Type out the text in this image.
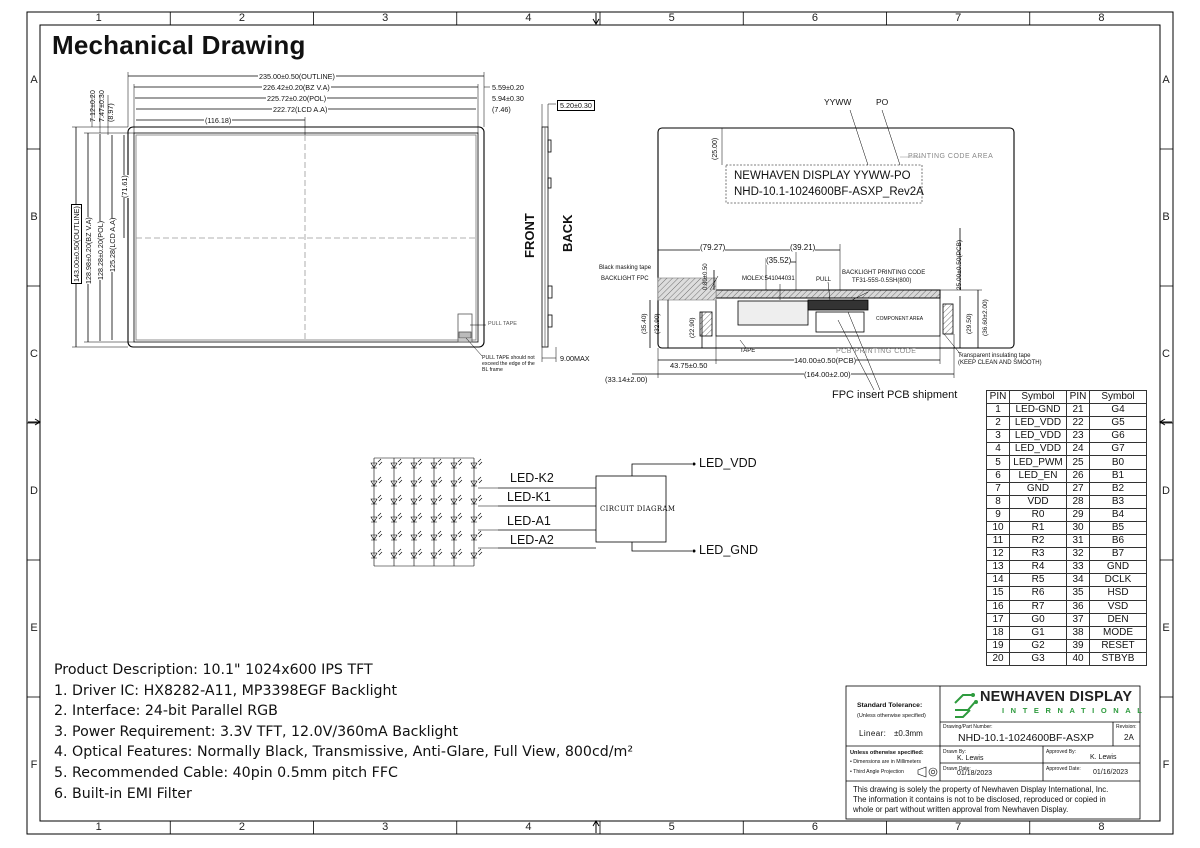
1
1
2
2
3
3
4
4
5
5
6
6
7
7
8
8
A	A
B	B
C	C
D	D
E	E
F	F
Mechanical Drawing
235.00±0.50(OUTLINE)
226.42±0.20(BZ V.A)
225.72±0.20(POL)
222.72(LCD A.A)
(116.18)
5.59±0.20
5.94±0.30
(7.46)
7.12±0.20 7.47±0.30 (8.97)
143.00±0.50(OUTLINE) 128.98±0.20(BZ V.A) 128.28±0.20(POL) 125.28(LCD A.A)
(71.61)
PULL TAPE
PULL TAPE should not
exceed the edge of the
BL frame
5.20±0.30
9.00MAX
FRONT BACK
YYWW	PO
PRINTING CODE AREA
NEWHAVEN DISPLAY YYWW-PO
NHD-10.1-1024600BF-ASXP_Rev2A
(25.00)
(79.27)	(39.21)
(35.52)
Black masking tape
BACKLIGHT FPC	0.80±0.50	MOLEX:541044031	PULL
BACKLIGHT PRINTING CODE
TF31-55S-0.5SH(800)	25.00±0.50(PCB)
(36.60±2.00)
(29.50)
(35.40) (32.90)	(22.90)	COMPONENT AREA
TAPE	PCB PRINTING CODE
Transparent insulating tape
(KEEP CLEAN AND SMOOTH)
43.75±0.50
140.00±0.50(PCB)
(33.14±2.00)
(164.00±2.00)
FPC insert PCB shipment
LED-K2
LED-K1
LED-A1
LED-A2
CIRCUIT DIAGRAM
LED_VDD
LED_GND
PIN	Symbol	PIN	Symbol
1	LED-GND	21	G4
2	LED_VDD	22	G5
3	LED_VDD	23	G6
4	LED_VDD	24	G7
5	LED_PWM	25	B0
6	LED_EN	26	B1
7	GND	27	B2
8	VDD	28	B3
9	R0	29	B4
10	R1	30	B5
11	R2	31	B6
12	R3	32	B7
13	R4	33	GND
14	R5	34	DCLK
15	R6	35	HSD
16	R7	36	VSD
17	G0	37	DEN
18	G1	38	MODE
19	G2	39	RESET
20	G3	40	STBYB
Product Description: 10.1" 1024x600 IPS TFT
1. Driver IC: HX8282-A11, MP3398EGF Backlight
2. Interface: 24-bit Parallel RGB
3. Power Requirement: 3.3V TFT, 12.0V/360mA Backlight
4. Optical Features: Normally Black, Transmissive, Anti-Glare, Full View, 800cd/m²
5. Recommended Cable: 40pin 0.5mm pitch FFC
6. Built-in EMI Filter
Standard Tolerance:
(Unless otherwise specified)
Linear: ±0.3mm
NEWHAVEN DISPLAY
INTERNATIONAL
Drawing/Part Number:
NHD-10.1-1024600BF-ASXP
Revision:
2A
Unless otherwise specified:
• Dimensions are in Millimeters
• Third Angle Projection
Drawn By:
K. Lewis
Approved By:
K. Lewis
Drawn Date:
01/18/2023
Approved Date: 01/16/2023
This drawing is solely the property of Newhaven Display International, Inc.
The information it contains is not to be disclosed, reproduced or copied in
whole or part without written approval from Newhaven Display.
